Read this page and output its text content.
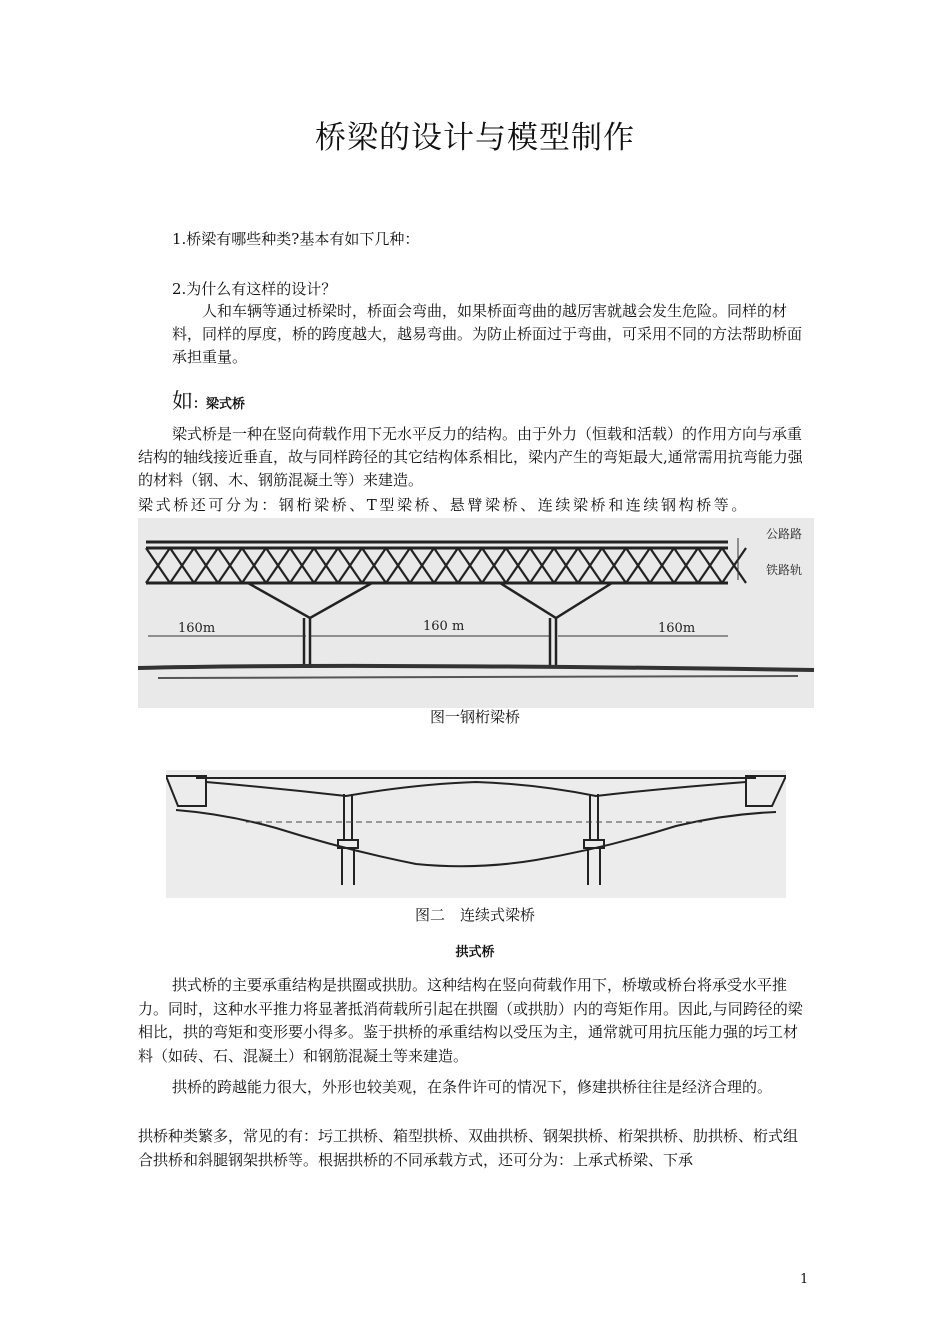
桥梁的设计与模型制作
1.桥梁有哪些种类?基本有如下几种：
2.为什么有这样的设计？
人和车辆等通过桥梁时，桥面会弯曲，如果桥面弯曲的越厉害就越会发生危险。同样的材料，同样的厚度，桥的跨度越大，越易弯曲。为防止桥面过于弯曲，可采用不同的方法帮助桥面承担重量。
如：梁式桥
梁式桥是一种在竖向荷载作用下无水平反力的结构。由于外力（恒载和活载）的作用方向与承重结构的轴线接近垂直，故与同样跨径的其它结构体系相比，梁内产生的弯矩最大,通常需用抗弯能力强的材料（钢、木、钢筋混凝土等）来建造。
梁式桥还可分为：钢桁梁桥、T型梁桥、悬臂梁桥、连续梁桥和连续钢构桥等。
160m	160 m	160m
公路路
铁路轨
图一钢桁梁桥
图二　连续式梁桥
拱式桥
拱式桥的主要承重结构是拱圈或拱肋。这种结构在竖向荷载作用下，桥墩或桥台将承受水平推力。同时，这种水平推力将显著抵消荷载所引起在拱圈（或拱肋）内的弯矩作用。因此,与同跨径的梁相比，拱的弯矩和变形要小得多。鉴于拱桥的承重结构以受压为主，通常就可用抗压能力强的圬工材料（如砖、石、混凝土）和钢筋混凝土等来建造。
拱桥的跨越能力很大，外形也较美观，在条件许可的情况下，修建拱桥往往是经济合理的。
拱桥种类繁多，常见的有：圬工拱桥、箱型拱桥、双曲拱桥、钢架拱桥、桁架拱桥、肋拱桥、桁式组合拱桥和斜腿钢架拱桥等。根据拱桥的不同承载方式，还可分为：上承式桥梁、下承
1
